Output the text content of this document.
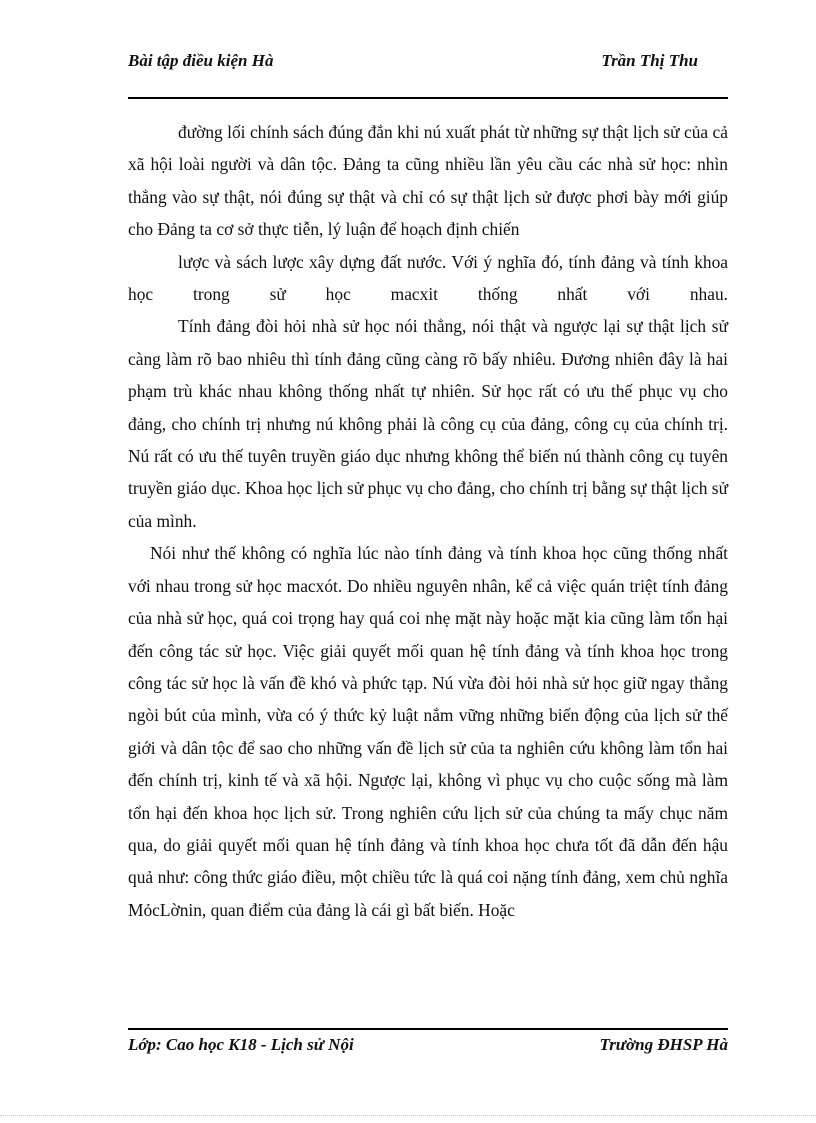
Bài tập điều kiện Hà	Trần Thị Thu

đường lối chính sách đúng đắn khi nú xuất phát từ những sự thật lịch sử của cả xã hội loài người và dân tộc. Đảng ta cũng nhiều lần yêu cầu các nhà sử học: nhìn thẳng vào sự thật, nói đúng sự thật và chỉ có sự thật lịch sử được phơi bày mới giúp cho Đảng ta cơ sở thực tiễn, lý luận để hoạch định chiến

lược và sách lược xây dựng đất nước. Với ý nghĩa đó, tính đảng và tính khoa học trong sử học macxit thống nhất với nhau.

Tính đảng đòi hỏi nhà sử học nói thẳng, nói thật và ngược lại sự thật lịch sử càng làm rõ bao nhiêu thì tính đảng cũng càng rõ bấy nhiêu. Đương nhiên đây là hai phạm trù khác nhau không thống nhất tự nhiên. Sử học rất có ưu thế phục vụ cho đảng, cho chính trị nhưng nú không phải là công cụ của đảng, công cụ của chính trị. Nú rất có ưu thế tuyên truyền giáo dục nhưng không thể biến nú thành công cụ tuyên truyền giáo dục. Khoa học lịch sử phục vụ cho đảng, cho chính trị bằng sự thật lịch sử của mình.

Nói như thế không có nghĩa lúc nào tính đảng và tính khoa học cũng thống nhất với nhau trong sử học macxót. Do nhiều nguyên nhân, kể cả việc quán triệt tính đảng của nhà sử học, quá coi trọng hay quá coi nhẹ mặt này hoặc mặt kia cũng làm tổn hại đến công tác sử học. Việc giải quyết mối quan hệ tính đảng và tính khoa học trong công tác sử học là vấn đề khó và phức tạp. Nú vừa đòi hỏi nhà sử học giữ ngay thẳng ngòi bút của mình, vừa có ý thức kỷ luật nắm vững những biến động của lịch sử thế giới và dân tộc để sao cho những vấn đề lịch sử của ta nghiên cứu không làm tổn hai đến chính trị, kinh tế và xã hội. Ngược lại, không vì phục vụ cho cuộc sống mà làm tổn hại đến khoa học lịch sử. Trong nghiên cứu lịch sử của chúng ta mấy chục năm qua, do giải quyết mối quan hệ tính đảng và tính khoa học chưa tốt đã dẫn đến hậu quả như: công thức giáo điều, một chiều tức là quá coi nặng tính đảng, xem chủ nghĩa MỏcLờnin, quan điểm của đảng là cái gì bất biến. Hoặc

Lớp: Cao học K18 - Lịch sử Nội	Trường ĐHSP Hà
